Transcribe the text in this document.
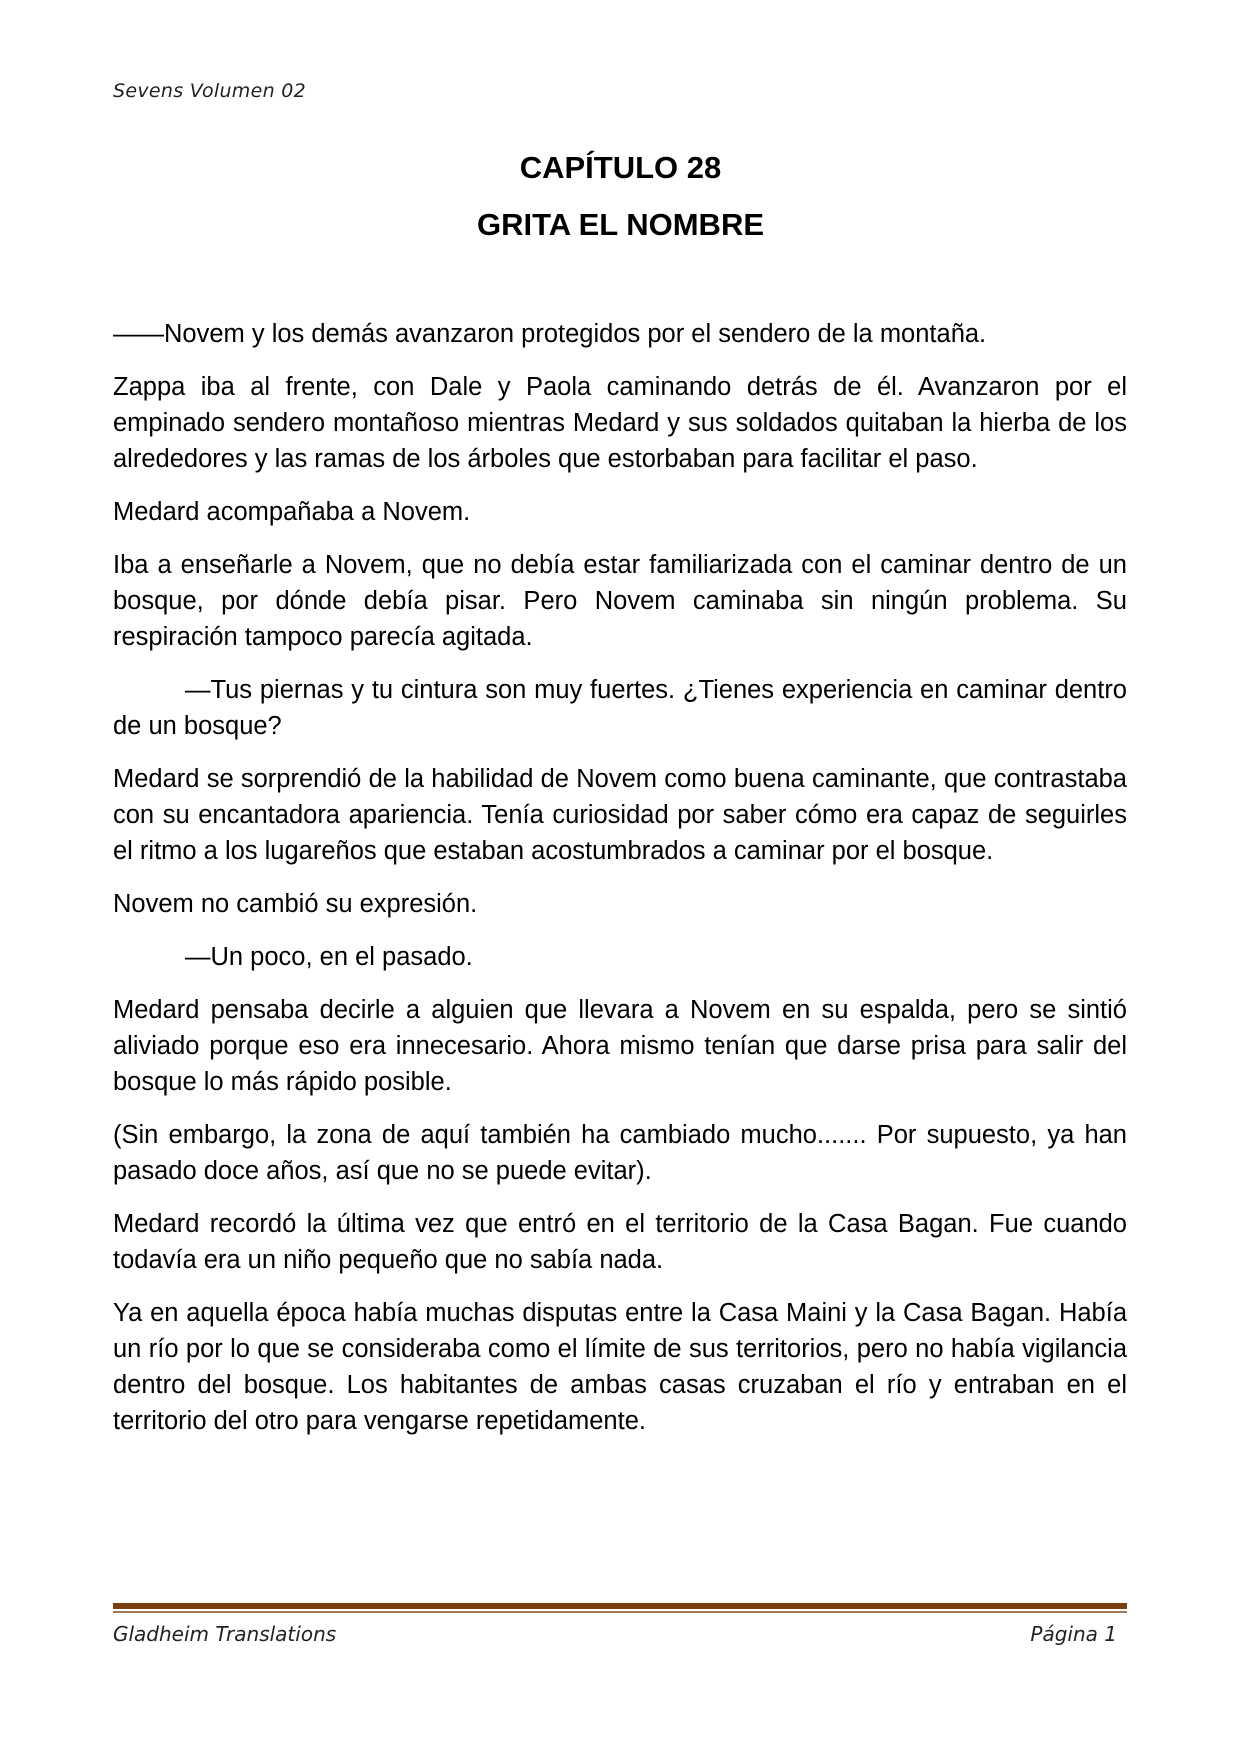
Sevens Volumen 02
CAPÍTULO 28
GRITA EL NOMBRE

――Novem y los demás avanzaron protegidos por el sendero de la montaña.

Zappa iba al frente, con Dale y Paola caminando detrás de él. Avanzaron por el empinado sendero montañoso mientras Medard y sus soldados quitaban la hierba de los alrededores y las ramas de los árboles que estorbaban para facilitar el paso.

Medard acompañaba a Novem.

Iba a enseñarle a Novem, que no debía estar familiarizada con el caminar dentro de un bosque, por dónde debía pisar. Pero Novem caminaba sin ningún problema. Su respiración tampoco parecía agitada.

—Tus piernas y tu cintura son muy fuertes. ¿Tienes experiencia en caminar dentro de un bosque?

Medard se sorprendió de la habilidad de Novem como buena caminante, que contrastaba con su encantadora apariencia. Tenía curiosidad por saber cómo era capaz de seguirles el ritmo a los lugareños que estaban acostumbrados a caminar por el bosque.

Novem no cambió su expresión.

—Un poco, en el pasado.

Medard pensaba decirle a alguien que llevara a Novem en su espalda, pero se sintió aliviado porque eso era innecesario. Ahora mismo tenían que darse prisa para salir del bosque lo más rápido posible.

(Sin embargo, la zona de aquí también ha cambiado mucho....... Por supuesto, ya han pasado doce años, así que no se puede evitar).

Medard recordó la última vez que entró en el territorio de la Casa Bagan. Fue cuando todavía era un niño pequeño que no sabía nada.

Ya en aquella época había muchas disputas entre la Casa Maini y la Casa Bagan. Había un río por lo que se consideraba como el límite de sus territorios, pero no había vigilancia dentro del bosque. Los habitantes de ambas casas cruzaban el río y entraban en el territorio del otro para vengarse repetidamente.

Gladheim Translations	Página 1
